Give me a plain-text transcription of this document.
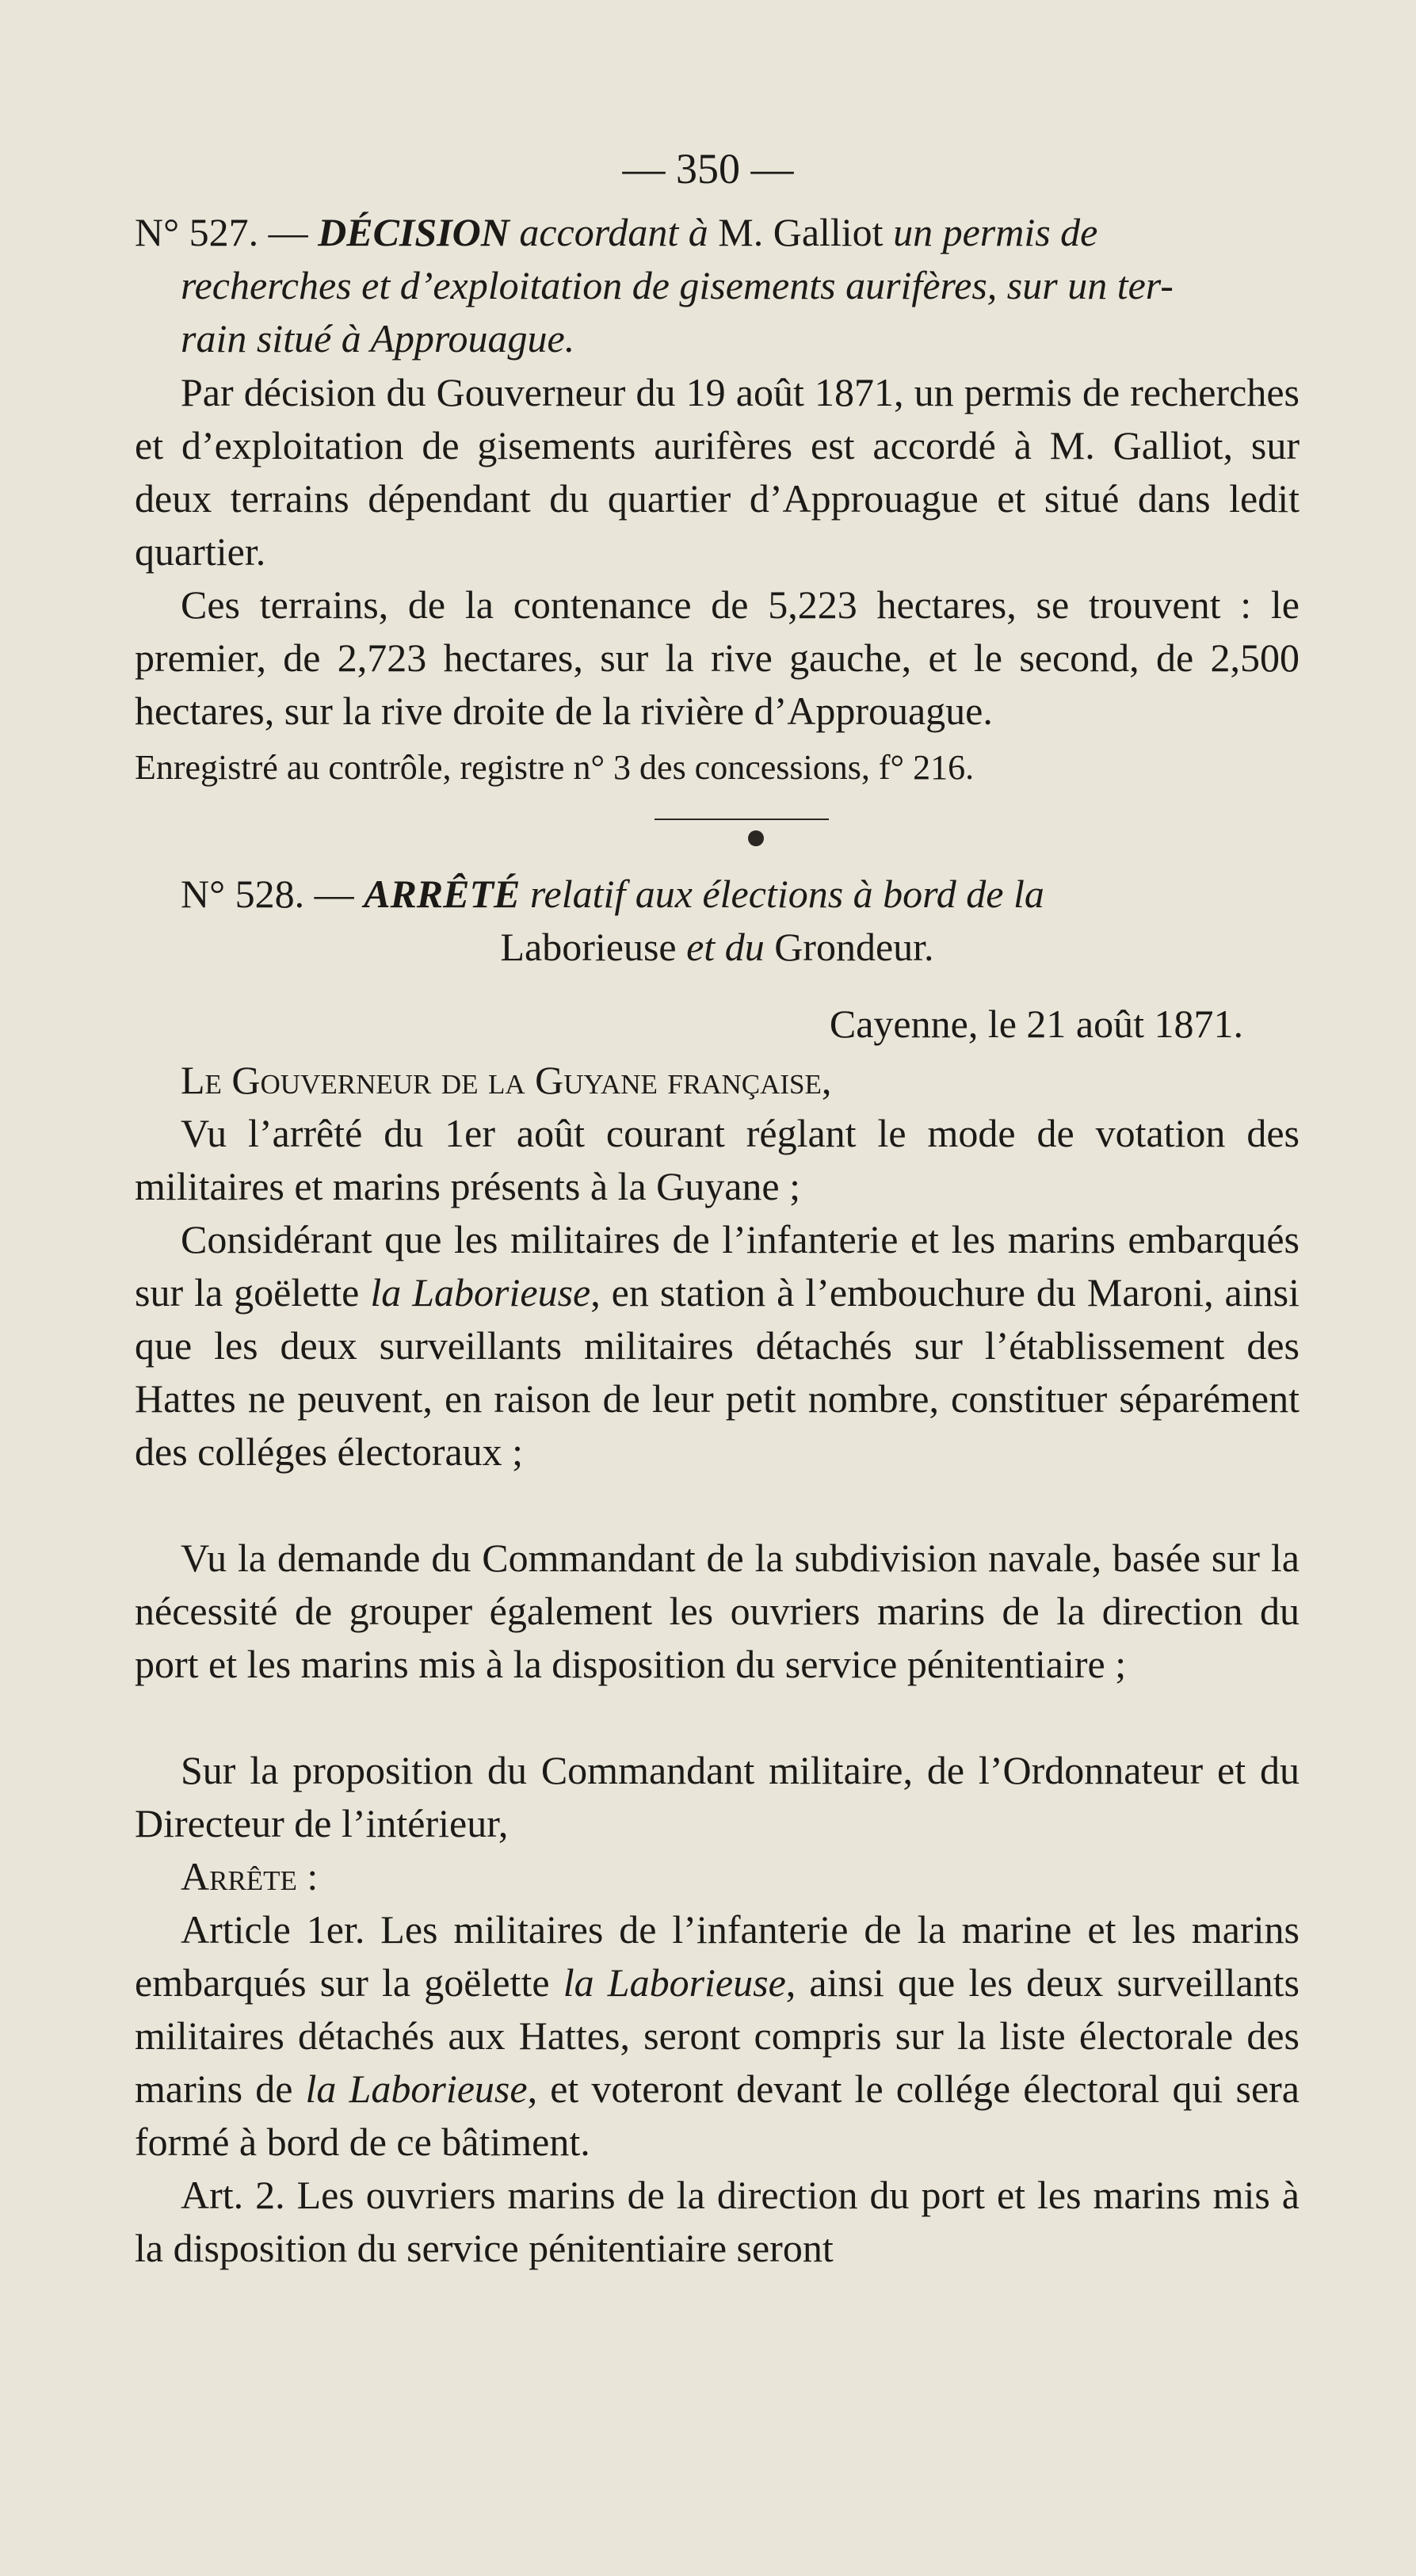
— 350 —
N° 527. — DÉCISION accordant à M. Galliot un permis de
recherches et d’exploitation de gisements aurifères, sur un ter-
rain situé à Approuague.

Par décision du Gouverneur du 19 août 1871, un permis de recherches et d’exploitation de gisements aurifères est accordé à M. Galliot, sur deux terrains dépendant du quartier d’Approuague et situé dans ledit quartier.

Ces terrains, de la contenance de 5,223 hectares, se trouvent : le premier, de 2,723 hectares, sur la rive gauche, et le second, de 2,500 hectares, sur la rive droite de la rivière d’Approuague.

Enregistré au contrôle, registre n° 3 des concessions, f° 216.

N° 528. — ARRÊTÉ relatif aux élections à bord de la
Laborieuse et du Grondeur.
Cayenne, le 21 août 1871.

Le Gouverneur de la Guyane française,

Vu l’arrêté du 1er août courant réglant le mode de votation des militaires et marins présents à la Guyane ;

Considérant que les militaires de l’infanterie et les marins embarqués sur la goëlette la Laborieuse, en station à l’embouchure du Maroni, ainsi que les deux surveillants militaires détachés sur l’établissement des Hattes ne peuvent, en raison de leur petit nombre, constituer séparément des colléges électoraux ;

Vu la demande du Commandant de la subdivision navale, basée sur la nécessité de grouper également les ouvriers marins de la direction du port et les marins mis à la disposition du service pénitentiaire ;

Sur la proposition du Commandant militaire, de l’Ordonnateur et du Directeur de l’intérieur,

Arrête :

Article 1er. Les militaires de l’infanterie de la marine et les marins embarqués sur la goëlette la Laborieuse, ainsi que les deux surveillants militaires détachés aux Hattes, seront compris sur la liste électorale des marins de la Laborieuse, et voteront devant le collége électoral qui sera formé à bord de ce bâtiment.

Art. 2. Les ouvriers marins de la direction du port et les marins mis à la disposition du service pénitentiaire seront
